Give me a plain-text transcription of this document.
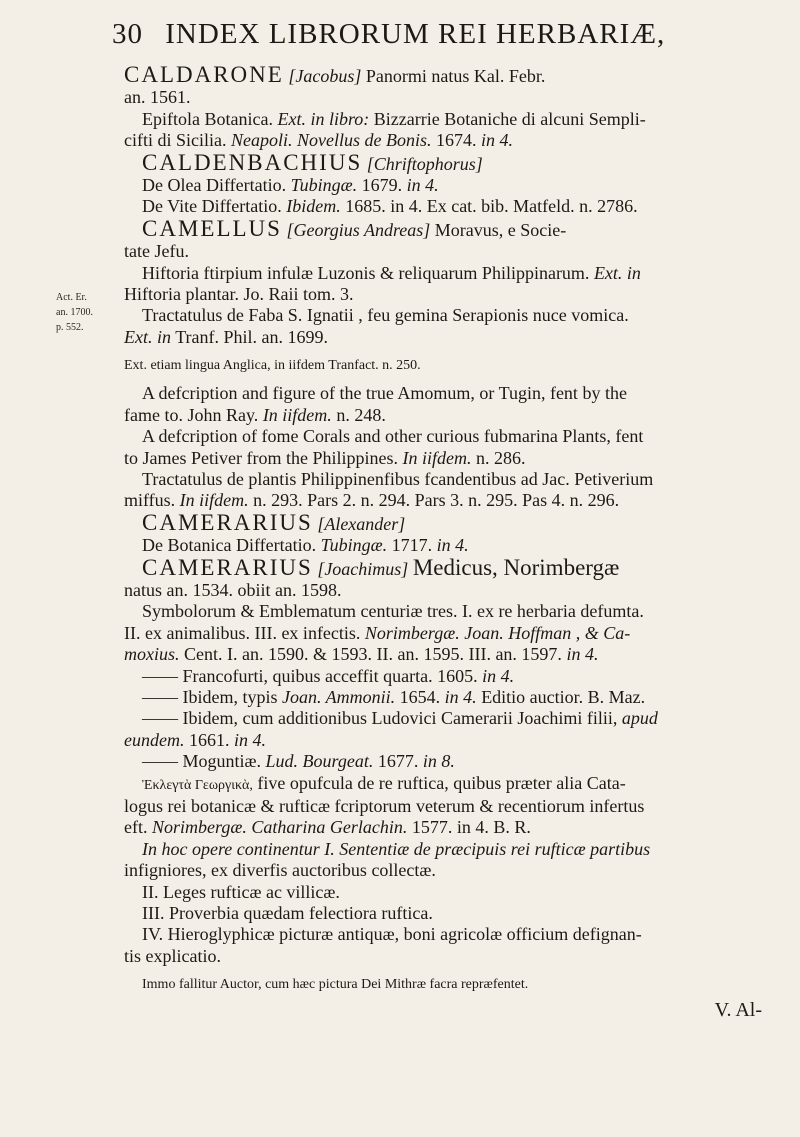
30 INDEX LIBRORUM REI HERBARIÆ,
Act. Er.
an. 1700.
p. 552.
CALDARONE [Jacobus] Panormi natus Kal. Febr.
an. 1561.
Epiftola Botanica. Ext. in libro: Bizzarrie Botaniche di alcuni Sempli-
cifti di Sicilia. Neapoli. Novellus de Bonis. 1674. in 4.
CALDENBACHIUS [Chriftophorus]
De Olea Differtatio. Tubingæ. 1679. in 4.
De Vite Differtatio. Ibidem. 1685. in 4. Ex cat. bib. Matfeld. n. 2786.
CAMELLUS [Georgius Andreas] Moravus, e Socie-
tate Jefu.
Hiftoria ftirpium infulæ Luzonis & reliquarum Philippinarum. Ext. in
Hiftoria plantar. Jo. Raii tom. 3.
Tractatulus de Faba S. Ignatii , feu gemina Serapionis nuce vomica.
Ext. in Tranf. Phil. an. 1699.
Ext. etiam lingua Anglica, in iifdem Tranfact. n. 250.
A defcription and figure of the true Amomum, or Tugin, fent by the
fame to. John Ray. In iifdem. n. 248.
A defcription of fome Corals and other curious fubmarina Plants, fent
to James Petiver from the Philippines. In iifdem. n. 286.
Tractatulus de plantis Philippinenfibus fcandentibus ad Jac. Petiverium
miffus. In iifdem. n. 293. Pars 2. n. 294. Pars 3. n. 295. Pas 4. n. 296.
CAMERARIUS [Alexander]
De Botanica Differtatio. Tubingæ. 1717. in 4.
CAMERARIUS [Joachimus] Medicus, Norimbergæ
natus an. 1534. obiit an. 1598.
Symbolorum & Emblematum centuriæ tres. I. ex re herbaria defumta.
II. ex animalibus. III. ex infectis. Norimbergæ. Joan. Hoffman , & Ca-
moxius. Cent. I. an. 1590. & 1593. II. an. 1595. III. an. 1597. in 4.
—— Francofurti, quibus acceffit quarta. 1605. in 4.
—— Ibidem, typis Joan. Ammonii. 1654. in 4. Editio auctior. B. Maz.
—— Ibidem, cum additionibus Ludovici Camerarii Joachimi filii, apud
eundem. 1661. in 4.
—— Moguntiæ. Lud. Bourgeat. 1677. in 8.
Ἐκλεγτὰ Γεωργικὰ, five opufcula de re ruftica, quibus præter alia Cata-
logus rei botanicæ & rufticæ fcriptorum veterum & recentiorum infertus
eft. Norimbergæ. Catharina Gerlachin. 1577. in 4. B. R.
In hoc opere continentur I. Sententiæ de præcipuis rei rufticæ partibus
infigniores, ex diverfis auctoribus collectæ.
II. Leges rufticæ ac villicæ.
III. Proverbia quædam felectiora ruftica.
IV. Hieroglyphicæ picturæ antiquæ, boni agricolæ officium defignan-
tis explicatio.
Immo fallitur Auctor, cum hæc pictura Dei Mithræ facra repræfentet.
V. Al-
